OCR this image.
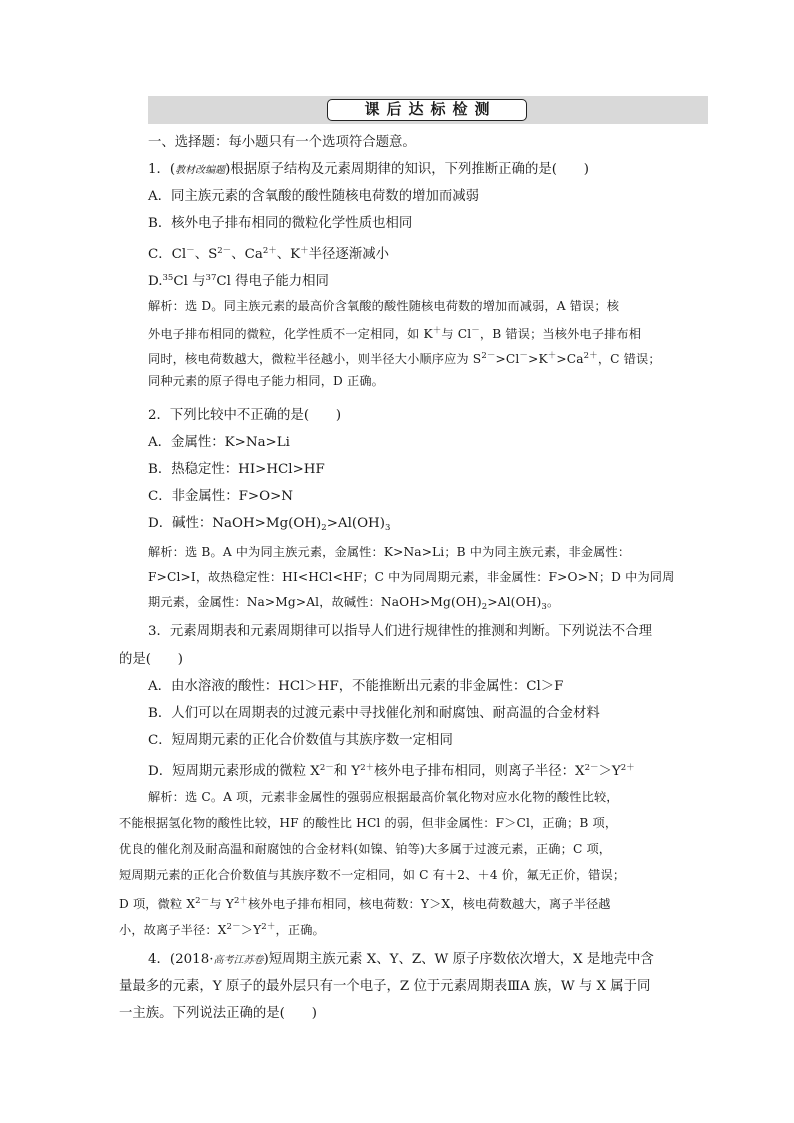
课后达标检测
一、选择题：每小题只有一个选项符合题意。
1．(教材改编题)根据原子结构及元素周期律的知识，下列推断正确的是(　　)
A．同主族元素的含氧酸的酸性随核电荷数的增加而减弱
B．核外电子排布相同的微粒化学性质也相同
C．Cl－、$S^{2-}$、$Ca^{2+}$、K＋半径逐渐减小
D.$^{35}$Cl 与$^{37}$Cl 得电子能力相同
解析：选 D。同主族元素的最高价含氧酸的酸性随核电荷数的增加而减弱，A 错误；核
外电子排布相同的微粒，化学性质不一定相同，如 K＋与 Cl－，B 错误；当核外电子排布相
同时，核电荷数越大，微粒半径越小，则半径大小顺序应为 $S^{2-}>Cl^->K^+>Ca^{2+}$，C 错误；
同种元素的原子得电子能力相同，D 正确。
2．下列比较中不正确的是(　　)
A．金属性：K>Na>Li
B．热稳定性：HI>HCl>HF
C．非金属性：F>O>N
D．碱性：$NaOH>Mg(OH)_2>Al(OH)_3$
解析：选 B。A 中为同主族元素，金属性：K>Na>Li；B 中为同主族元素，非金属性：
F>Cl>I，故热稳定性：HI<HCl<HF；C 中为同周期元素，非金属性：F>O>N；D 中为同周
期元素，金属性：Na>Mg>Al，故碱性：$NaOH>Mg(OH)_2>Al(OH)_3$。
3．元素周期表和元素周期律可以指导人们进行规律性的推测和判断。下列说法不合理
的是(　　)
A．由水溶液的酸性：HCl＞HF，不能推断出元素的非金属性：Cl＞F
B．人们可以在周期表的过渡元素中寻找催化剂和耐腐蚀、耐高温的合金材料
C．短周期元素的正化合价数值与其族序数一定相同
D．短周期元素形成的微粒 $X^{2-}$和 $Y^{2+}$核外电子排布相同，则离子半径：$X^{2-}>Y^{2+}$
解析：选 C。A 项，元素非金属性的强弱应根据最高价氧化物对应水化物的酸性比较，
不能根据氢化物的酸性比较，HF 的酸性比 HCl 的弱，但非金属性：F＞Cl，正确；B 项，
优良的催化剂及耐高温和耐腐蚀的合金材料(如镍、铂等)大多属于过渡元素，正确；C 项，
短周期元素的正化合价数值与其族序数不一定相同，如 C 有＋2、＋4 价，氟无正价，错误；
D 项，微粒 $X^{2-}$与 $Y^{2+}$核外电子排布相同，核电荷数：Y＞X，核电荷数越大，离子半径越
小，故离子半径：$X^{2-}>Y^{2+}$，正确。
4．(2018·高考江苏卷)短周期主族元素 X、Y、Z、W 原子序数依次增大，X 是地壳中含
量最多的元素，Y 原子的最外层只有一个电子，Z 位于元素周期表ⅢA 族，W 与 X 属于同
一主族。下列说法正确的是(　　)
